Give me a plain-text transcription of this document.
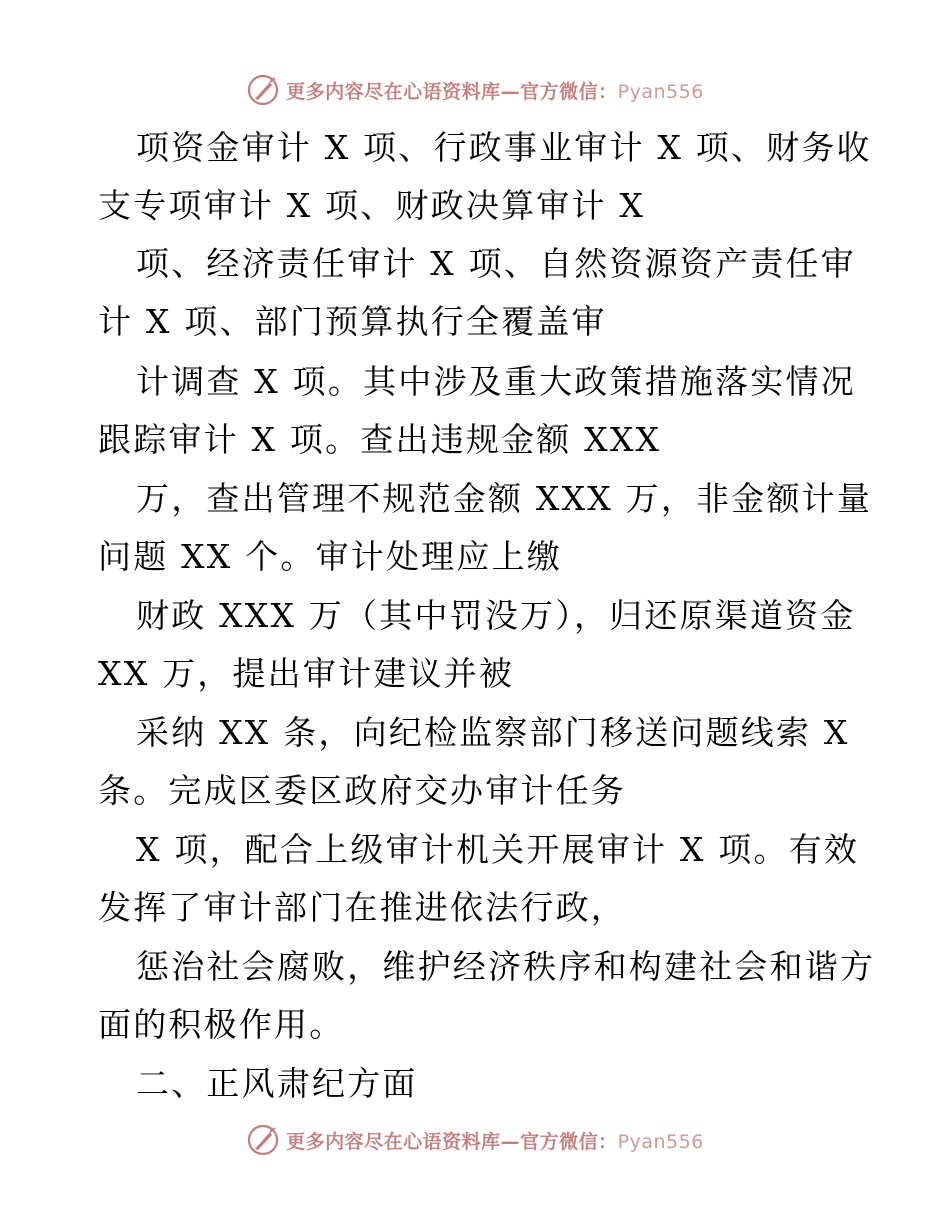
更多内容尽在心语资料库—官方微信：Pyan556
项资金审计 X 项、行政事业审计 X 项、财务收
支专项审计 X 项、财政决算审计 X
项、经济责任审计 X 项、自然资源资产责任审
计 X 项、部门预算执行全覆盖审
计调查 X 项。其中涉及重大政策措施落实情况
跟踪审计 X 项。查出违规金额 XXX
万，查出管理不规范金额 XXX 万，非金额计量
问题 XX 个。审计处理应上缴
财政 XXX 万（其中罚没万），归还原渠道资金
XX 万，提出审计建议并被
采纳 XX 条，向纪检监察部门移送问题线索 X
条。完成区委区政府交办审计任务
X 项，配合上级审计机关开展审计 X 项。有效
发挥了审计部门在推进依法行政，
惩治社会腐败，维护经济秩序和构建社会和谐方
面的积极作用。
二、正风肃纪方面
更多内容尽在心语资料库—官方微信：Pyan556
